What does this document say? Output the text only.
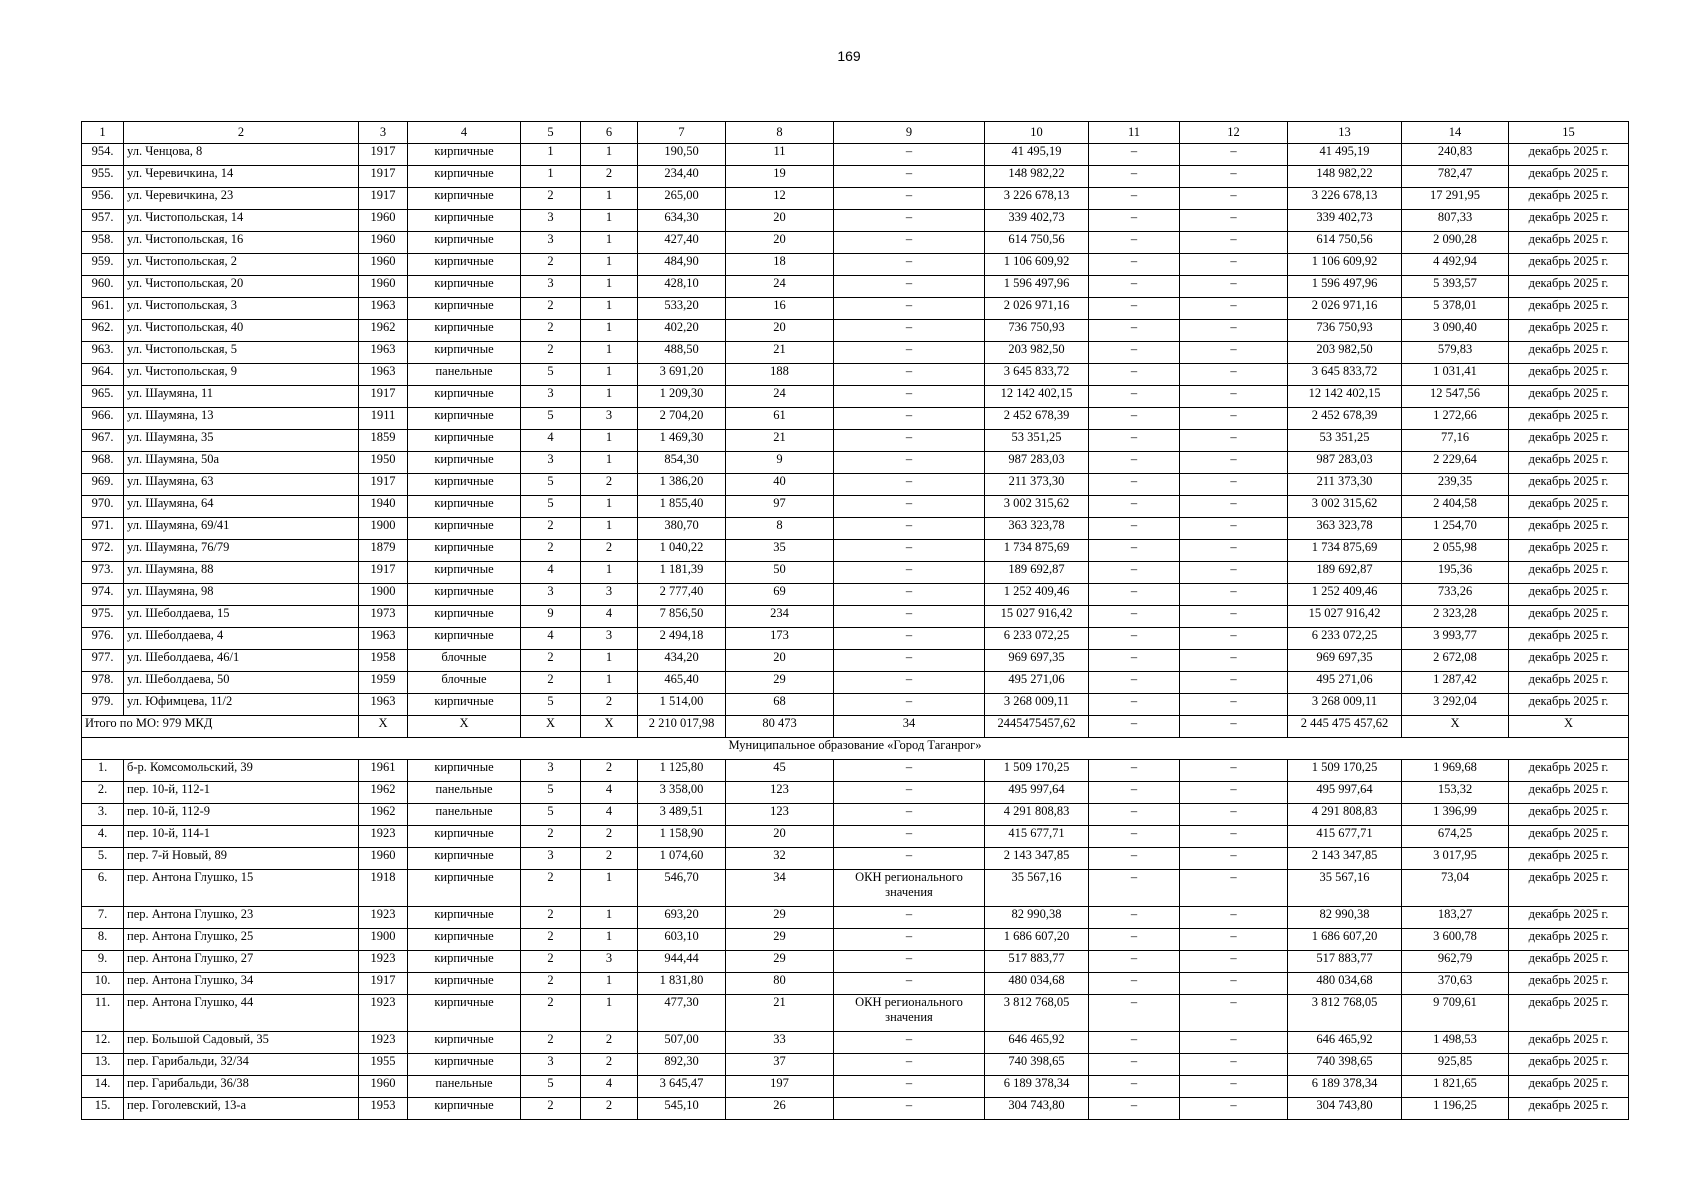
169
1	2	3	4	5	6	7	8	9	10	11	12	13	14	15
954.	ул. Ченцова, 8	1917	кирпичные	1	1	190,50	11	–	41 495,19	–	–	41 495,19	240,83	декабрь 2025 г.
955.	ул. Черевичкина, 14	1917	кирпичные	1	2	234,40	19	–	148 982,22	–	–	148 982,22	782,47	декабрь 2025 г.
956.	ул. Черевичкина, 23	1917	кирпичные	2	1	265,00	12	–	3 226 678,13	–	–	3 226 678,13	17 291,95	декабрь 2025 г.
957.	ул. Чистопольская, 14	1960	кирпичные	3	1	634,30	20	–	339 402,73	–	–	339 402,73	807,33	декабрь 2025 г.
958.	ул. Чистопольская, 16	1960	кирпичные	3	1	427,40	20	–	614 750,56	–	–	614 750,56	2 090,28	декабрь 2025 г.
959.	ул. Чистопольская, 2	1960	кирпичные	2	1	484,90	18	–	1 106 609,92	–	–	1 106 609,92	4 492,94	декабрь 2025 г.
960.	ул. Чистопольская, 20	1960	кирпичные	3	1	428,10	24	–	1 596 497,96	–	–	1 596 497,96	5 393,57	декабрь 2025 г.
961.	ул. Чистопольская, 3	1963	кирпичные	2	1	533,20	16	–	2 026 971,16	–	–	2 026 971,16	5 378,01	декабрь 2025 г.
962.	ул. Чистопольская, 40	1962	кирпичные	2	1	402,20	20	–	736 750,93	–	–	736 750,93	3 090,40	декабрь 2025 г.
963.	ул. Чистопольская, 5	1963	кирпичные	2	1	488,50	21	–	203 982,50	–	–	203 982,50	579,83	декабрь 2025 г.
964.	ул. Чистопольская, 9	1963	панельные	5	1	3 691,20	188	–	3 645 833,72	–	–	3 645 833,72	1 031,41	декабрь 2025 г.
965.	ул. Шаумяна, 11	1917	кирпичные	3	1	1 209,30	24	–	12 142 402,15	–	–	12 142 402,15	12 547,56	декабрь 2025 г.
966.	ул. Шаумяна, 13	1911	кирпичные	5	3	2 704,20	61	–	2 452 678,39	–	–	2 452 678,39	1 272,66	декабрь 2025 г.
967.	ул. Шаумяна, 35	1859	кирпичные	4	1	1 469,30	21	–	53 351,25	–	–	53 351,25	77,16	декабрь 2025 г.
968.	ул. Шаумяна, 50а	1950	кирпичные	3	1	854,30	9	–	987 283,03	–	–	987 283,03	2 229,64	декабрь 2025 г.
969.	ул. Шаумяна, 63	1917	кирпичные	5	2	1 386,20	40	–	211 373,30	–	–	211 373,30	239,35	декабрь 2025 г.
970.	ул. Шаумяна, 64	1940	кирпичные	5	1	1 855,40	97	–	3 002 315,62	–	–	3 002 315,62	2 404,58	декабрь 2025 г.
971.	ул. Шаумяна, 69/41	1900	кирпичные	2	1	380,70	8	–	363 323,78	–	–	363 323,78	1 254,70	декабрь 2025 г.
972.	ул. Шаумяна, 76/79	1879	кирпичные	2	2	1 040,22	35	–	1 734 875,69	–	–	1 734 875,69	2 055,98	декабрь 2025 г.
973.	ул. Шаумяна, 88	1917	кирпичные	4	1	1 181,39	50	–	189 692,87	–	–	189 692,87	195,36	декабрь 2025 г.
974.	ул. Шаумяна, 98	1900	кирпичные	3	3	2 777,40	69	–	1 252 409,46	–	–	1 252 409,46	733,26	декабрь 2025 г.
975.	ул. Шеболдаева, 15	1973	кирпичные	9	4	7 856,50	234	–	15 027 916,42	–	–	15 027 916,42	2 323,28	декабрь 2025 г.
976.	ул. Шеболдаева, 4	1963	кирпичные	4	3	2 494,18	173	–	6 233 072,25	–	–	6 233 072,25	3 993,77	декабрь 2025 г.
977.	ул. Шеболдаева, 46/1	1958	блочные	2	1	434,20	20	–	969 697,35	–	–	969 697,35	2 672,08	декабрь 2025 г.
978.	ул. Шеболдаева, 50	1959	блочные	2	1	465,40	29	–	495 271,06	–	–	495 271,06	1 287,42	декабрь 2025 г.
979.	ул. Юфимцева, 11/2	1963	кирпичные	5	2	1 514,00	68	–	3 268 009,11	–	–	3 268 009,11	3 292,04	декабрь 2025 г.
Итого по МО: 979 МКД		Х	Х	Х	Х	2 210 017,98	80 473	34	2445475457,62	–	–	2 445 475 457,62	Х	Х
Муниципальное образование «Город Таганрог»														
1.	б-р. Комсомольский, 39	1961	кирпичные	3	2	1 125,80	45	–	1 509 170,25	–	–	1 509 170,25	1 969,68	декабрь 2025 г.
2.	пер. 10-й, 112-1	1962	панельные	5	4	3 358,00	123	–	495 997,64	–	–	495 997,64	153,32	декабрь 2025 г.
3.	пер. 10-й, 112-9	1962	панельные	5	4	3 489,51	123	–	4 291 808,83	–	–	4 291 808,83	1 396,99	декабрь 2025 г.
4.	пер. 10-й, 114-1	1923	кирпичные	2	2	1 158,90	20	–	415 677,71	–	–	415 677,71	674,25	декабрь 2025 г.
5.	пер. 7-й Новый, 89	1960	кирпичные	3	2	1 074,60	32	–	2 143 347,85	–	–	2 143 347,85	3 017,95	декабрь 2025 г.
6.	пер. Антона Глушко, 15	1918	кирпичные	2	1	546,70	34	ОКН регионального значения	35 567,16	–	–	35 567,16	73,04	декабрь 2025 г.
7.	пер. Антона Глушко, 23	1923	кирпичные	2	1	693,20	29	–	82 990,38	–	–	82 990,38	183,27	декабрь 2025 г.
8.	пер. Антона Глушко, 25	1900	кирпичные	2	1	603,10	29	–	1 686 607,20	–	–	1 686 607,20	3 600,78	декабрь 2025 г.
9.	пер. Антона Глушко, 27	1923	кирпичные	2	3	944,44	29	–	517 883,77	–	–	517 883,77	962,79	декабрь 2025 г.
10.	пер. Антона Глушко, 34	1917	кирпичные	2	1	1 831,80	80	–	480 034,68	–	–	480 034,68	370,63	декабрь 2025 г.
11.	пер. Антона Глушко, 44	1923	кирпичные	2	1	477,30	21	ОКН регионального значения	3 812 768,05	–	–	3 812 768,05	9 709,61	декабрь 2025 г.
12.	пер. Большой Садовый, 35	1923	кирпичные	2	2	507,00	33	–	646 465,92	–	–	646 465,92	1 498,53	декабрь 2025 г.
13.	пер. Гарибальди, 32/34	1955	кирпичные	3	2	892,30	37	–	740 398,65	–	–	740 398,65	925,85	декабрь 2025 г.
14.	пер. Гарибальди, 36/38	1960	панельные	5	4	3 645,47	197	–	6 189 378,34	–	–	6 189 378,34	1 821,65	декабрь 2025 г.
15.	пер. Гоголевский, 13-а	1953	кирпичные	2	2	545,10	26	–	304 743,80	–	–	304 743,80	1 196,25	декабрь 2025 г.
